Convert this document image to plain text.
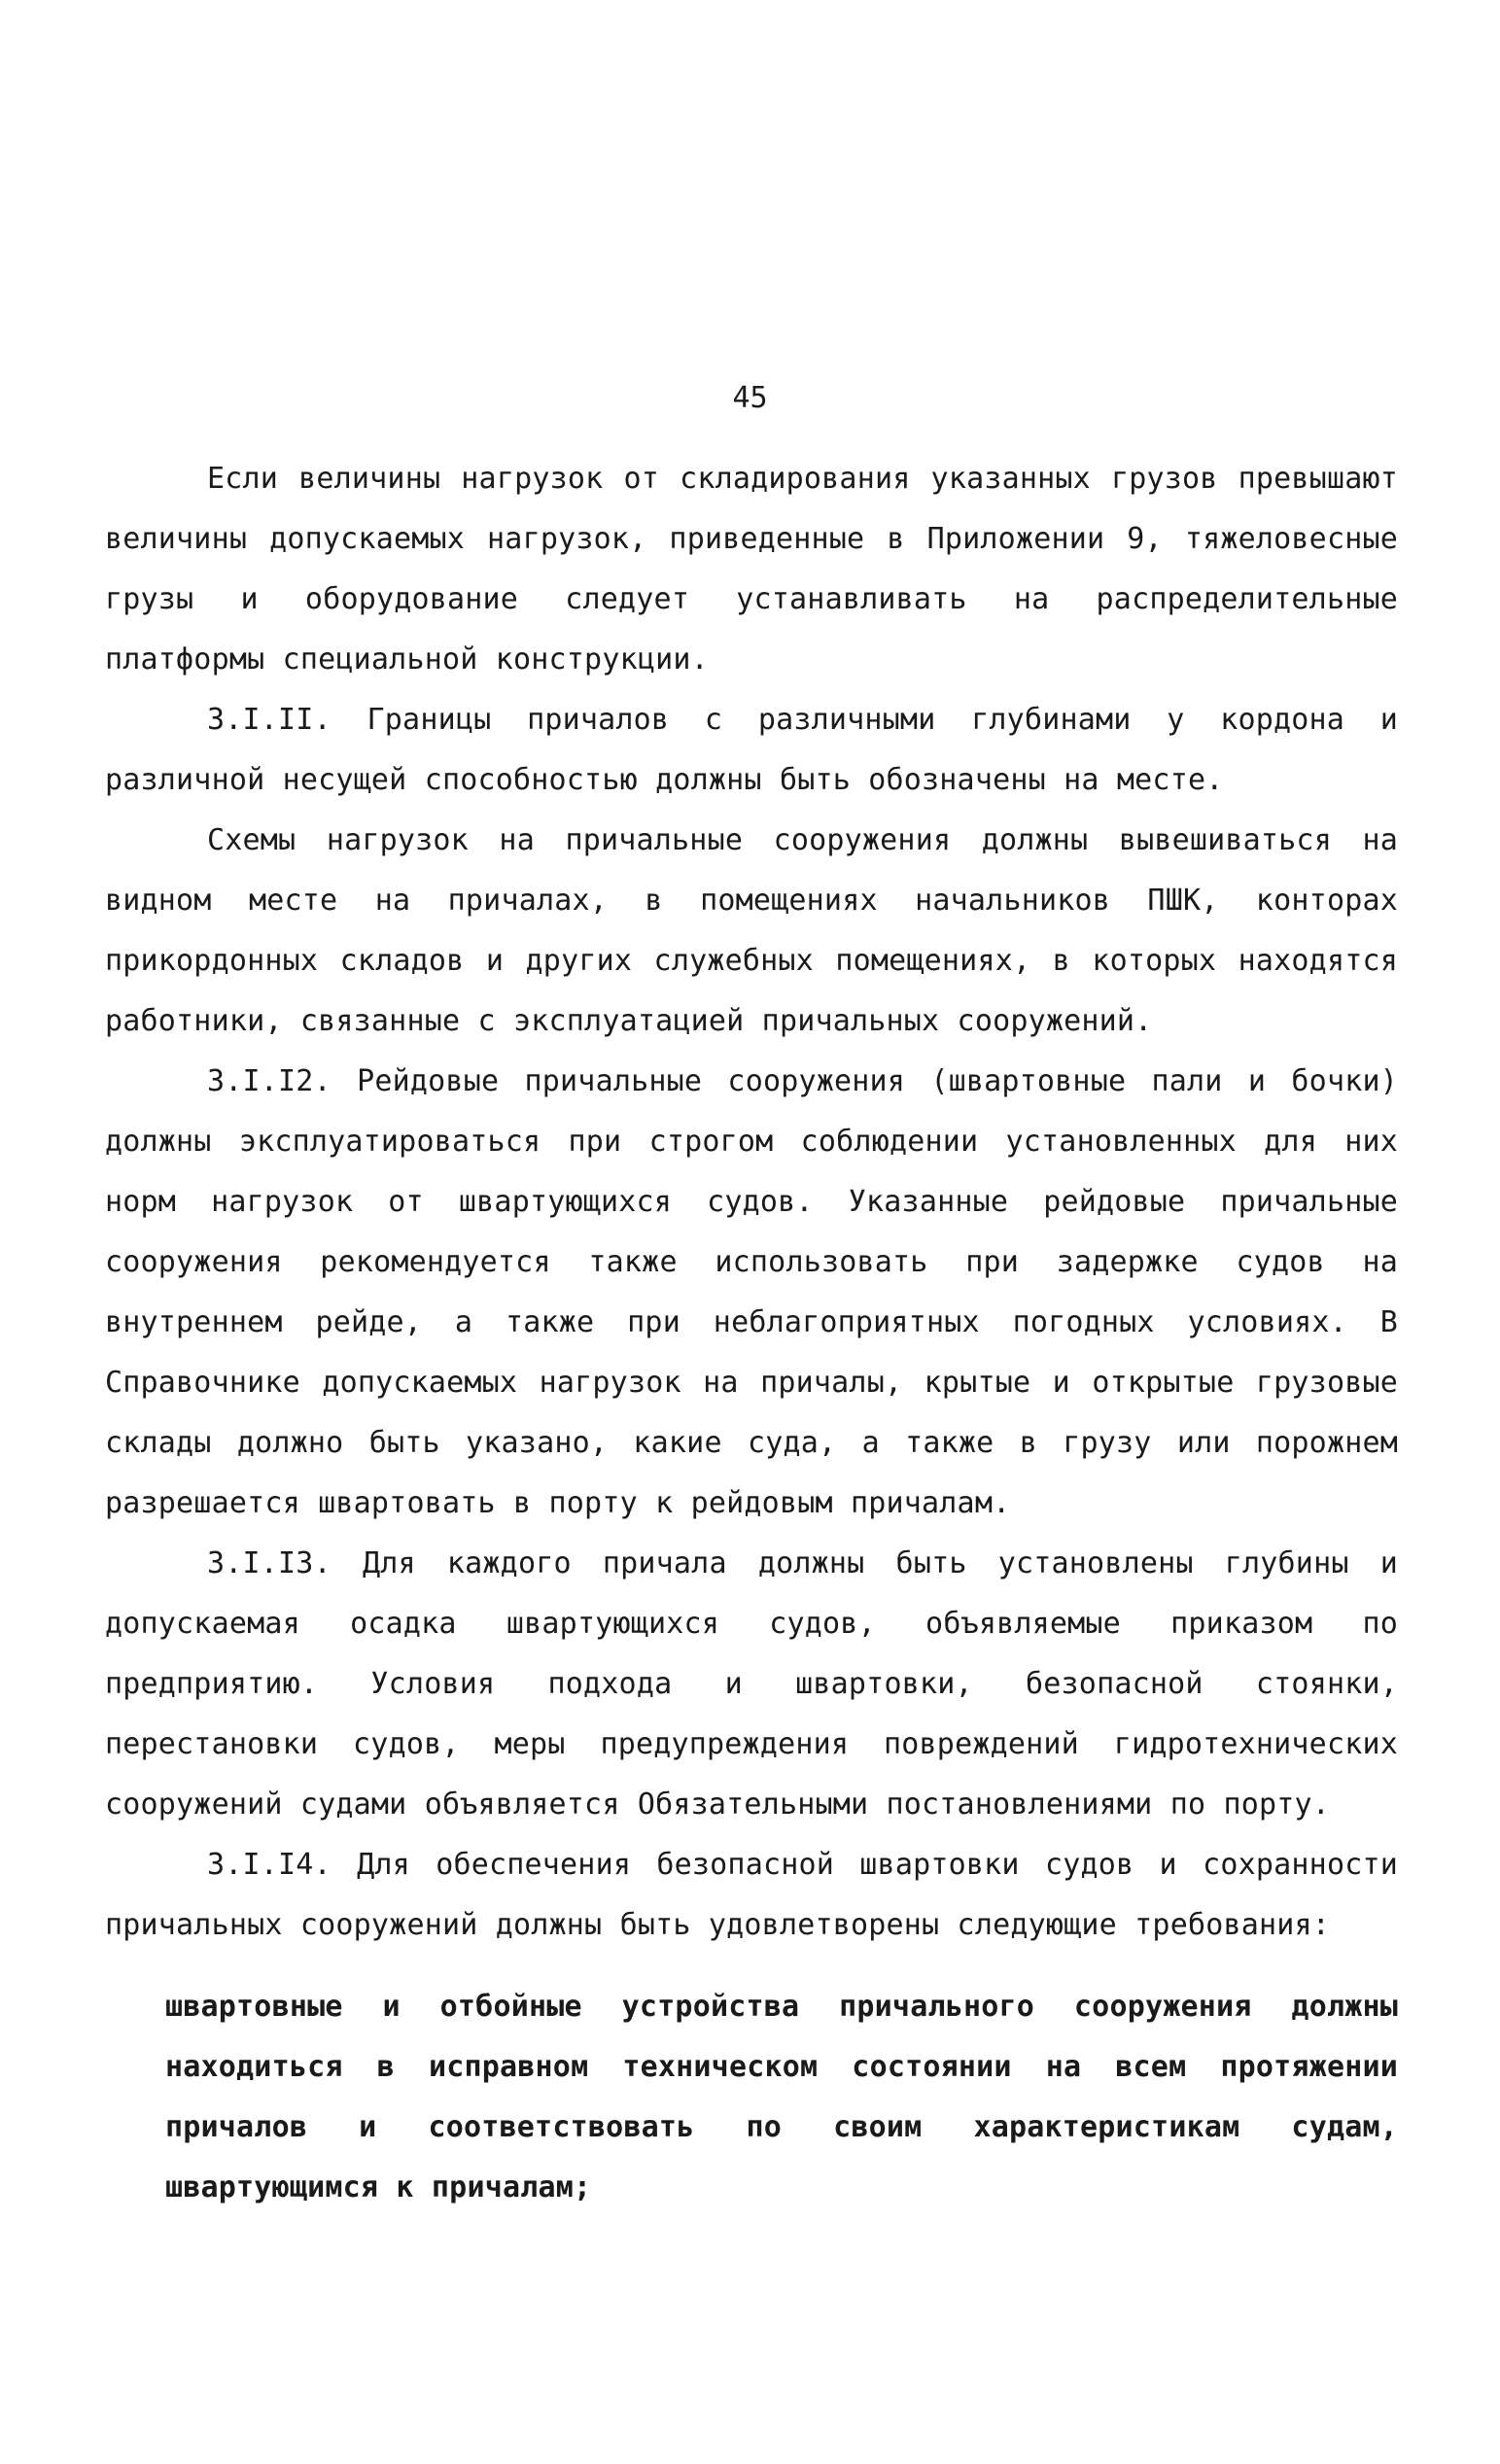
45

Если величины нагрузок от складирования указанных грузов превышают величины допускаемых нагрузок, приведенные в Приложении 9, тяжеловесные грузы и оборудование следует устанавливать на распределительные платформы специальной конструкции.

3.I.II. Границы причалов с различными глубинами у кордона и различной несущей способностью должны быть обозначены на месте.

Схемы нагрузок на причальные сооружения должны вывешиваться на видном месте на причалах, в помещениях начальников ПШК, конторах прикордонных складов и других служебных помещениях, в которых находятся работники, связанные с эксплуатацией причальных сооружений.

3.I.I2. Рейдовые причальные сооружения (швартовные пали и бочки) должны эксплуатироваться при строгом соблюдении установленных для них норм нагрузок от швартующихся судов. Указанные рейдовые причальные сооружения рекомендуется также использовать при задержке судов на внутреннем рейде, а также при неблагоприятных погодных условиях. В Справочнике допускаемых нагрузок на причалы, крытые и открытые грузовые склады должно быть указано, какие суда, а также в грузу или порожнем разрешается швартовать в порту к рейдовым причалам.

3.I.I3. Для каждого причала должны быть установлены глубины и допускаемая осадка швартующихся судов, объявляемые приказом по предприятию. Условия подхода и швартовки, безопасной стоянки, перестановки судов, меры предупреждения повреждений гидротехнических сооружений судами объявляется Обязательными постановлениями по порту.

3.I.I4. Для обеспечения безопасной швартовки судов и сохранности причальных сооружений должны быть удовлетворены следующие требования:

швартовные и отбойные устройства причального сооружения должны находиться в исправном техническом состоянии на всем протяжении причалов и соответствовать по своим характеристикам судам, швартующимся к причалам;
